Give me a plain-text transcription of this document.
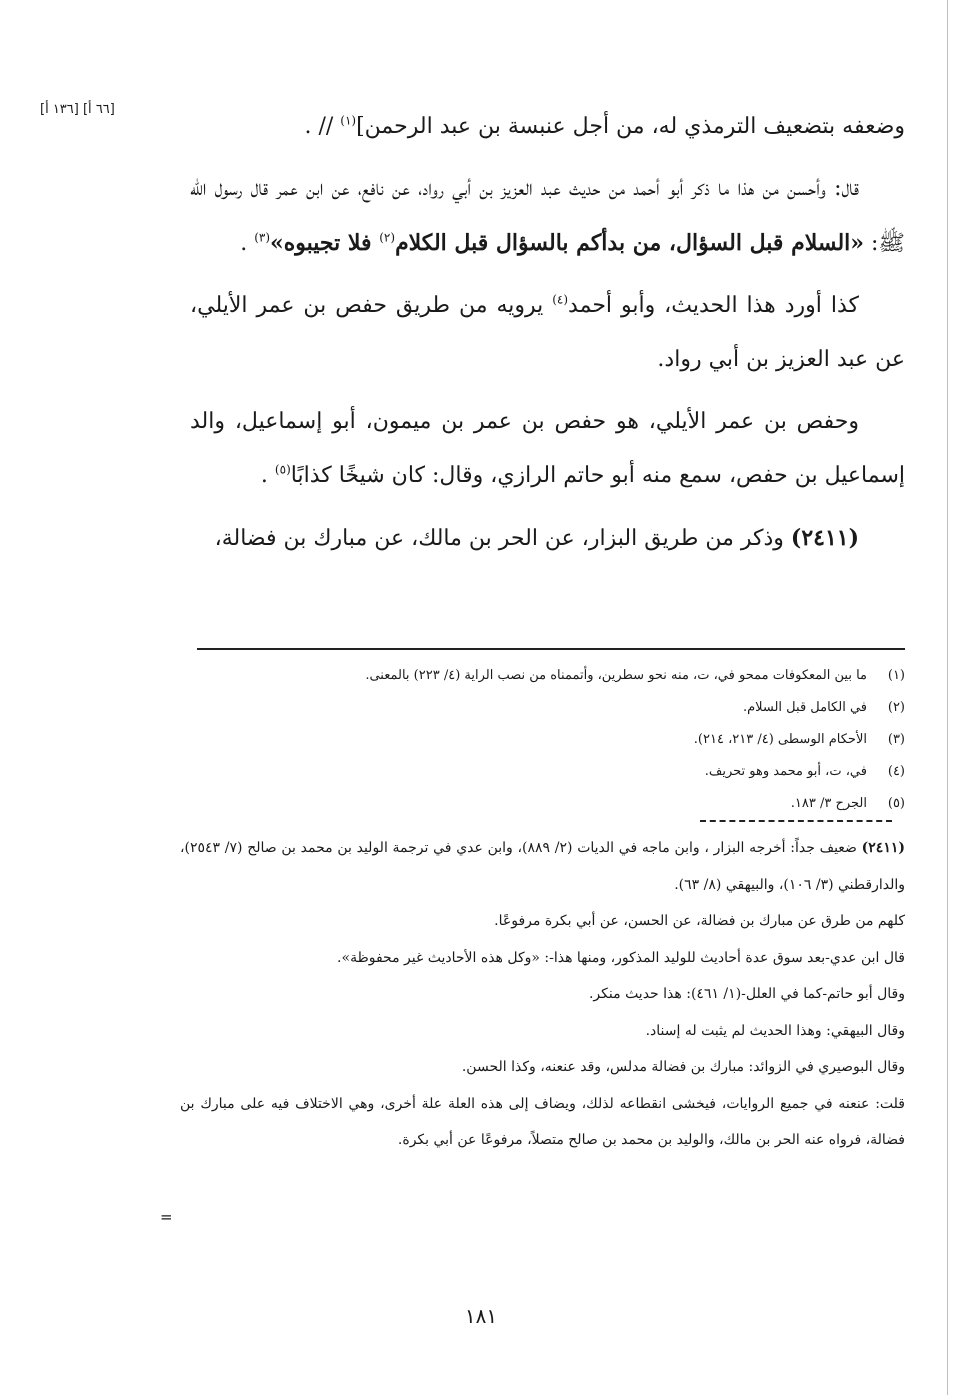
[٦٦ أ] [١٣٦ أ]

وضعفه بتضعيف الترمذي له، من أجل عنبسة بن عبد الرحمن]$^{(١)}$ // .

قال: وأحسن من هذا ما ذكر أبو أحمد من حديث عبد العزيز بن أبي رواد، عن نافع، عن ابن عمر قال رسول الله ﷺ: «السلام قبل السؤال، من بدأكم بالسؤال قبل الكلام$^{(٢)}$ فلا تجيبوه»$^{(٣)}$ .

كذا أورد هذا الحديث، وأبو أحمد$^{(٤)}$ يرويه من طريق حفص بن عمر الأيلي، عن عبد العزيز بن أبي رواد.

وحفص بن عمر الأيلي، هو حفص بن عمر بن ميمون، أبو إسماعيل، والد إسماعيل بن حفص، سمع منه أبو حاتم الرازي، وقال: كان شيخًا كذابًا$^{(٥)}$ .

(٢٤١١) وذكر من طريق البزار، عن الحر بن مالك، عن مبارك بن فضالة،

(١)
ما بين المعكوفات ممحو في، ت، منه نحو سطرين، وأتممناه من نصب الراية (٤/ ٢٢٣) بالمعنى.
(٢)
في الكامل قبل السلام.
(٣)
الأحكام الوسطى (٤/ ٢١٣، ٢١٤).
(٤)
في، ت، أبو محمد وهو تحريف.
(٥)
الجرح ٣/ ١٨٣.

(٢٤١١) ضعيف جداً: أخرجه البزار ، وابن ماجه في الديات (٢/ ٨٨٩)، وابن عدي في ترجمة الوليد بن محمد بن صالح (٧/ ٢٥٤٣)، والدارقطني (٣/ ١٠٦)، والبيهقي (٨/ ٦٣).

كلهم من طرق عن مبارك بن فضالة، عن الحسن، عن أبي بكرة مرفوعًا.

قال ابن عدي-بعد سوق عدة أحاديث للوليد المذكور، ومنها هذا-: «وكل هذه الأحاديث غير محفوظة».

وقال أبو حاتم-كما في العلل-(١/ ٤٦١): هذا حديث منكر.

وقال البيهقي: وهذا الحديث لم يثبت له إسناد.

وقال البوصيري في الزوائد: مبارك بن فضالة مدلس، وقد عنعنه، وكذا الحسن.

قلت: عنعنه في جميع الروايات، فيخشى انقطاعه لذلك، ويضاف إلى هذه العلة علة أخرى، وهي الاختلاف فيه على مبارك بن فضالة، فرواه عنه الحر بن مالك، والوليد بن محمد بن صالح متصلاً، مرفوعًا عن أبي بكرة.

=
١٨١
